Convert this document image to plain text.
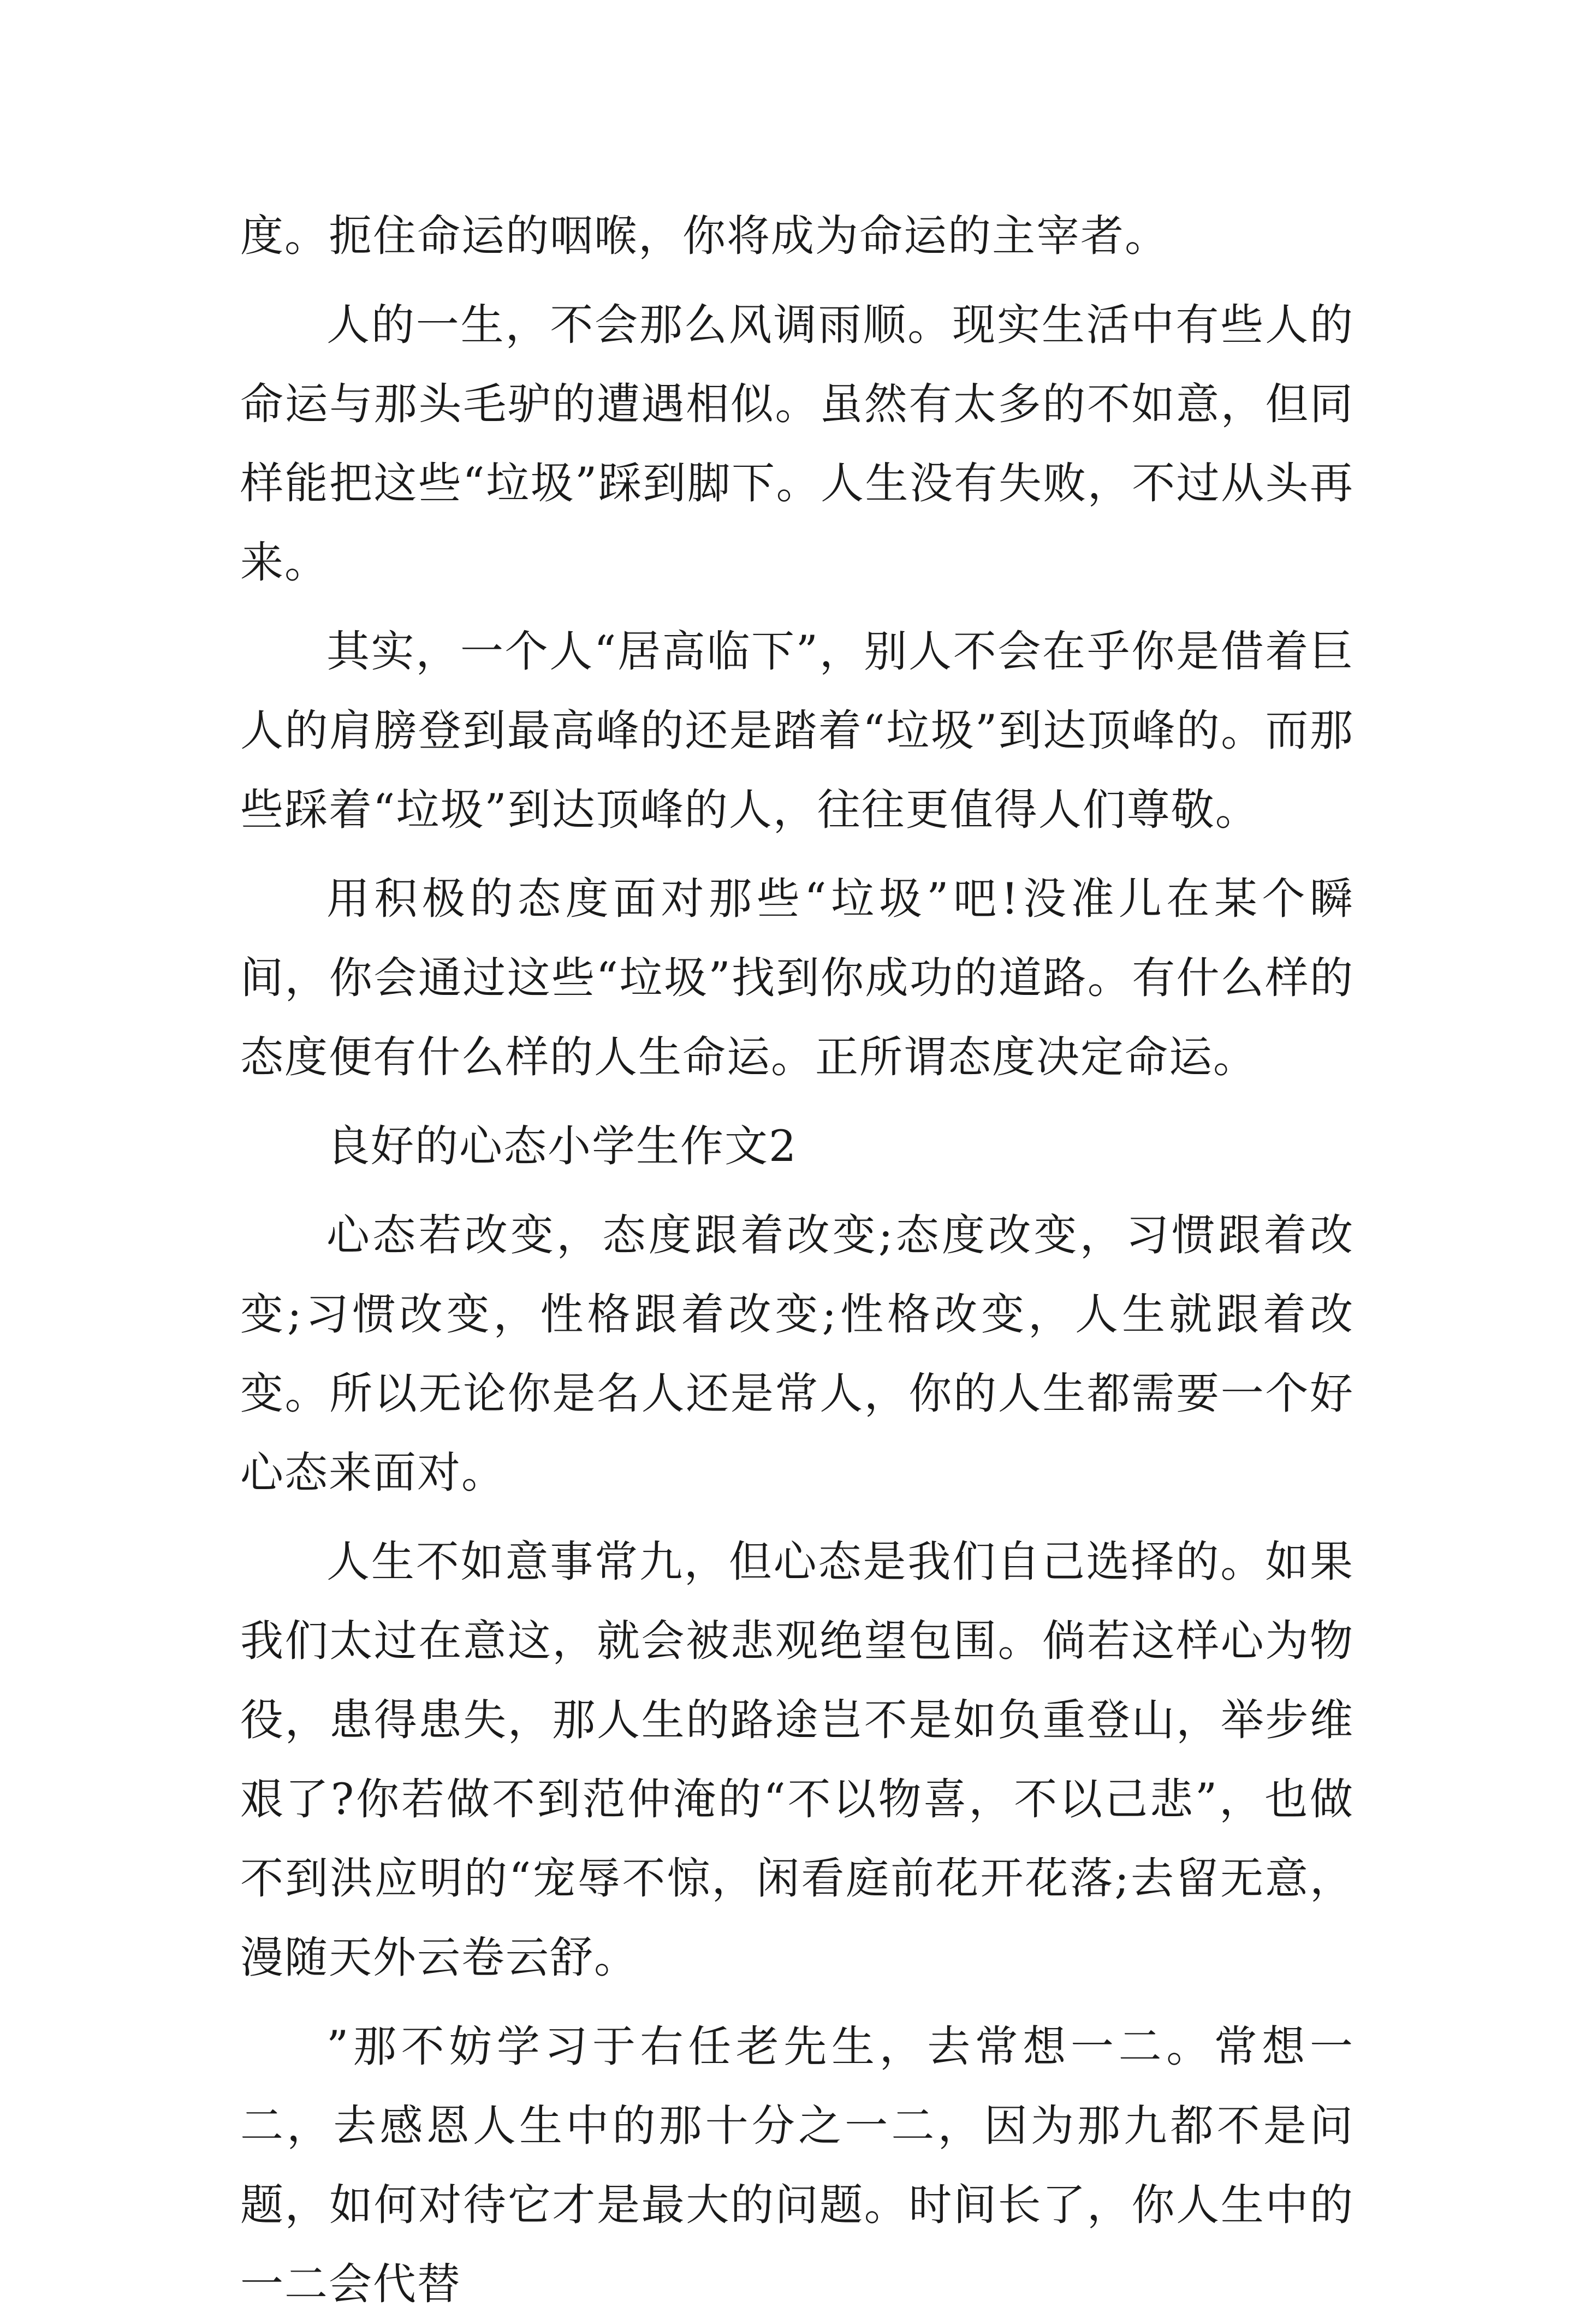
度。扼住命运的咽喉，你将成为命运的主宰者。

人的一生，不会那么风调雨顺。现实生活中有些人的命运与那头毛驴的遭遇相似。虽然有太多的不如意，但同样能把这些“垃圾”踩到脚下。人生没有失败，不过从头再来。

其实，一个人“居高临下”，别人不会在乎你是借着巨人的肩膀登到最高峰的还是踏着“垃圾”到达顶峰的。而那些踩着“垃圾”到达顶峰的人，往往更值得人们尊敬。

用积极的态度面对那些“垃圾”吧!没准儿在某个瞬间，你会通过这些“垃圾”找到你成功的道路。有什么样的态度便有什么样的人生命运。正所谓态度决定命运。

良好的心态小学生作文2

心态若改变，态度跟着改变;态度改变，习惯跟着改变;习惯改变，性格跟着改变;性格改变，人生就跟着改变。所以无论你是名人还是常人，你的人生都需要一个好心态来面对。

人生不如意事常九，但心态是我们自己选择的。如果我们太过在意这，就会被悲观绝望包围。倘若这样心为物役，患得患失，那人生的路途岂不是如负重登山，举步维艰了?你若做不到范仲淹的“不以物喜，不以己悲”，也做不到洪应明的“宠辱不惊，闲看庭前花开花落;去留无意，漫随天外云卷云舒。

”那不妨学习于右任老先生，去常想一二。常想一二，去感恩人生中的那十分之一二，因为那九都不是问题，如何对待它才是最大的问题。时间长了，你人生中的一二会代替
